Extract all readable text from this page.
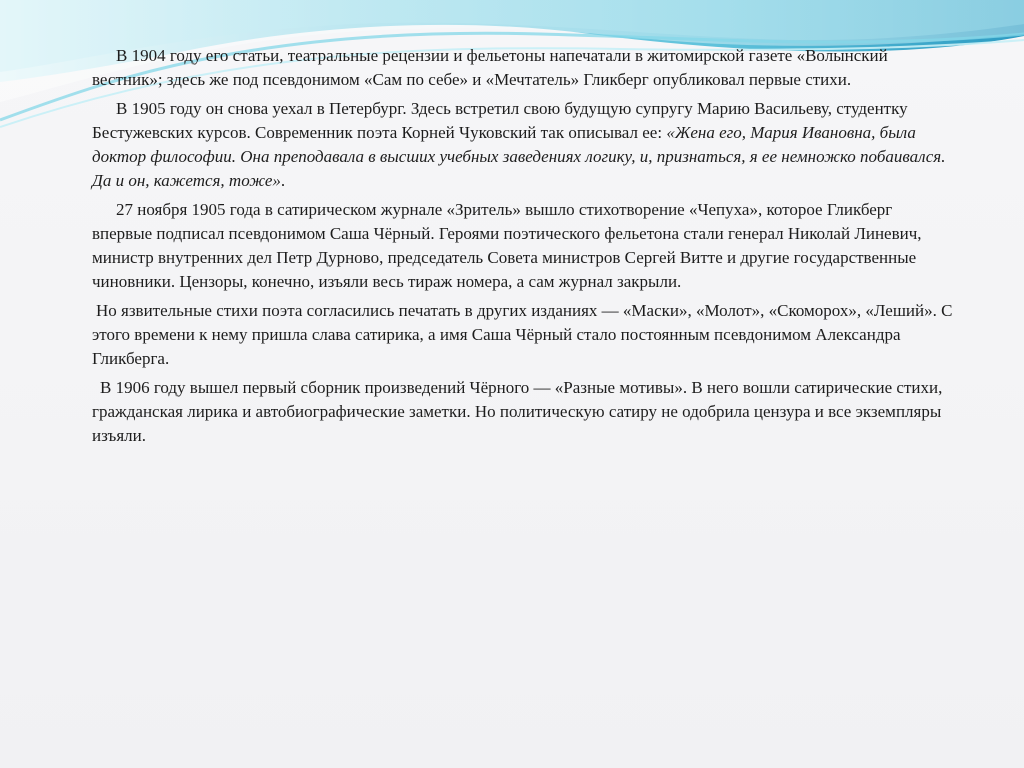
В 1904 году его статьи, театральные рецензии и фельетоны напечатали в житомирской газете «Волынский вестник»; здесь же под псевдонимом «Сам по себе» и «Мечтатель» Гликберг опубликовал первые стихи.

В 1905 году он снова уехал в Петербург. Здесь встретил свою будущую супругу Марию Васильеву, студентку Бестужевских курсов. Современник поэта Корней Чуковский так описывал ее: «Жена его, Мария Ивановна, была доктор философии. Она преподавала в высших учебных заведениях логику, и, признаться, я ее немножко побаивался. Да и он, кажется, тоже».

27 ноября 1905 года в сатирическом журнале «Зритель» вышло стихотворение «Чепуха», которое Гликберг впервые подписал псевдонимом Саша Чёрный. Героями поэтического фельетона стали генерал Николай Линевич, министр внутренних дел Петр Дурново, председатель Совета министров Сергей Витте и другие государственные чиновники. Цензоры, конечно, изъяли весь тираж номера, а сам журнал закрыли.

Но язвительные стихи поэта согласились печатать в других изданиях — «Маски», «Молот», «Скоморох», «Леший». С этого времени к нему пришла слава сатирика, а имя Саша Чёрный стало постоянным псевдонимом Александра Гликберга.

В 1906 году вышел первый сборник произведений Чёрного — «Разные мотивы». В него вошли сатирические стихи, гражданская лирика и автобиографические заметки. Но политическую сатиру не одобрила цензура и все экземпляры изъяли.
